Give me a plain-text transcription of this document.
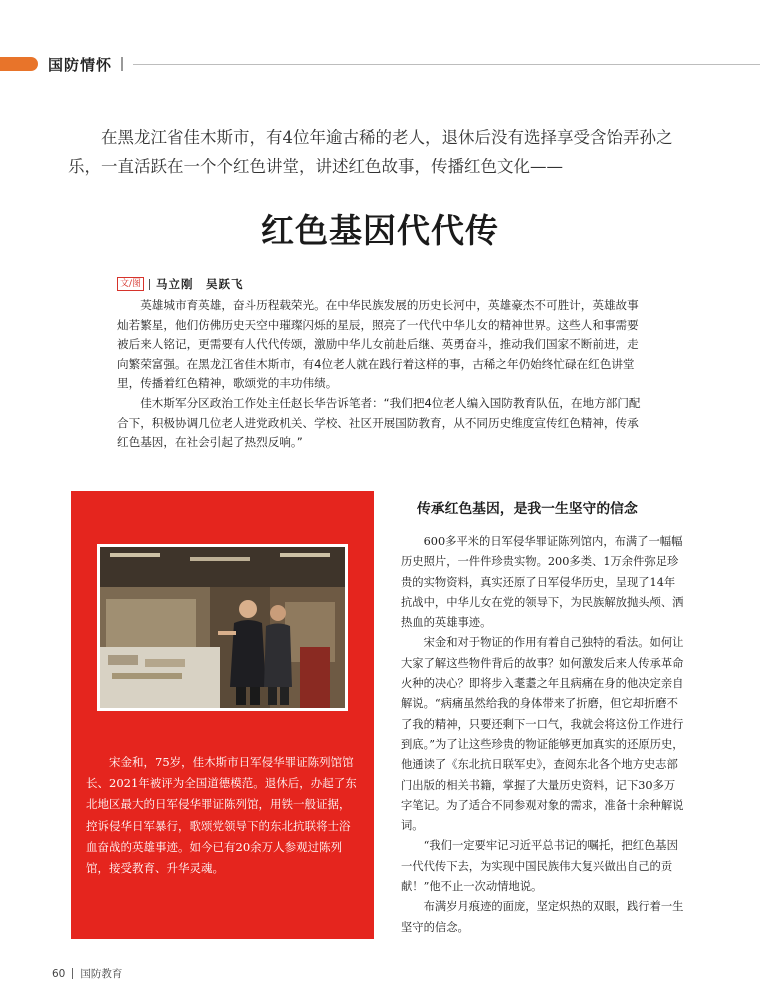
国防情怀

在黑龙江省佳木斯市，有4位年逾古稀的老人，退休后没有选择享受含饴弄孙之乐，一直活跃在一个个红色讲堂，讲述红色故事，传播红色文化——

红色基因代代传
文/图 马立刚　吴跃飞

英雄城市育英雄，奋斗历程载荣光。在中华民族发展的历史长河中，英雄豪杰不可胜计，英雄故事灿若繁星，他们仿佛历史天空中璀璨闪烁的星辰，照亮了一代代中华儿女的精神世界。这些人和事需要被后来人铭记，更需要有人代代传颂，激励中华儿女前赴后继、英勇奋斗，推动我们国家不断前进，走向繁荣富强。在黑龙江省佳木斯市，有4位老人就在践行着这样的事，古稀之年仍始终忙碌在红色讲堂里，传播着红色精神，歌颂党的丰功伟绩。

佳木斯军分区政治工作处主任赵长华告诉笔者：“我们把4位老人编入国防教育队伍，在地方部门配合下，积极协调几位老人进党政机关、学校、社区开展国防教育，从不同历史维度宣传红色精神，传承红色基因，在社会引起了热烈反响。”

宋金和，75岁，佳木斯市日军侵华罪证陈列馆馆长、2021年被评为全国道德模范。退休后，办起了东北地区最大的日军侵华罪证陈列馆，用铁一般证据，控诉侵华日军暴行，歌颂党领导下的东北抗联将士浴血奋战的英雄事迹。如今已有20余万人参观过陈列馆，接受教育、升华灵魂。

传承红色基因，是我一生坚守的信念

600多平米的日军侵华罪证陈列馆内，布满了一幅幅历史照片，一件件珍贵实物。200多类、1万余件弥足珍贵的实物资料，真实还原了日军侵华历史，呈现了14年抗战中，中华儿女在党的领导下，为民族解放抛头颅、洒热血的英雄事迹。

宋金和对于物证的作用有着自己独特的看法。如何让大家了解这些物件背后的故事？如何激发后来人传承革命火种的决心？即将步入耄耋之年且病痛在身的他决定亲自解说。“病痛虽然给我的身体带来了折磨，但它却折磨不了我的精神，只要还剩下一口气，我就会将这份工作进行到底。”为了让这些珍贵的物证能够更加真实的还原历史，他通读了《东北抗日联军史》，查阅东北各个地方史志部门出版的相关书籍，掌握了大量历史资料，记下30多万字笔记。为了适合不同参观对象的需求，准备十余种解说词。

“我们一定要牢记习近平总书记的嘱托，把红色基因一代代传下去，为实现中国民族伟大复兴做出自己的贡献！”他不止一次动情地说。

布满岁月痕迹的面庞，坚定炽热的双眼，践行着一生坚守的信念。

60 国防教育
